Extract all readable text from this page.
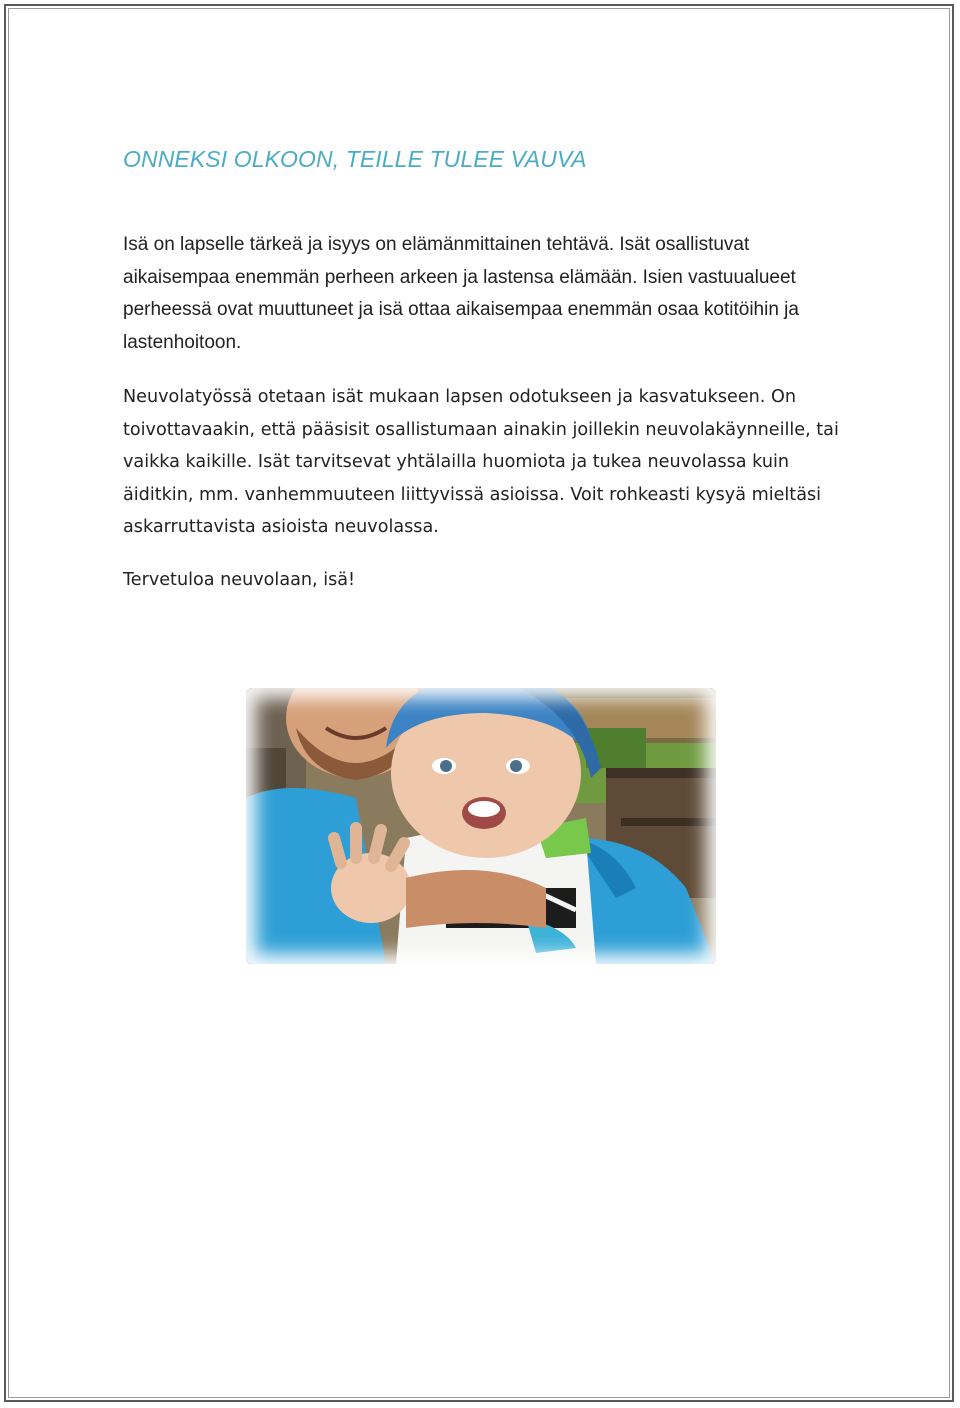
ONNEKSI OLKOON, TEILLE TULEE VAUVA

Isä on lapselle tärkeä ja isyys on elämänmittainen tehtävä. Isät osallistuvat aikaisempaa enemmän perheen arkeen ja lastensa elämään. Isien vastuualueet perheessä ovat muuttuneet ja isä ottaa aikaisempaa enemmän osaa kotitöihin ja lastenhoitoon.

Neuvolatyössä otetaan isät mukaan lapsen odotukseen ja kasvatukseen. On toivottavaakin, että pääsisit osallistumaan ainakin joillekin neuvolakäynneille, tai vaikka kaikille. Isät tarvitsevat yhtälailla huomiota ja tukea neuvolassa kuin äiditkin, mm. vanhemmuuteen liittyvissä asioissa. Voit rohkeasti kysyä mieltäsi askarruttavista asioista neuvolassa.

Tervetuloa neuvolaan, isä!
